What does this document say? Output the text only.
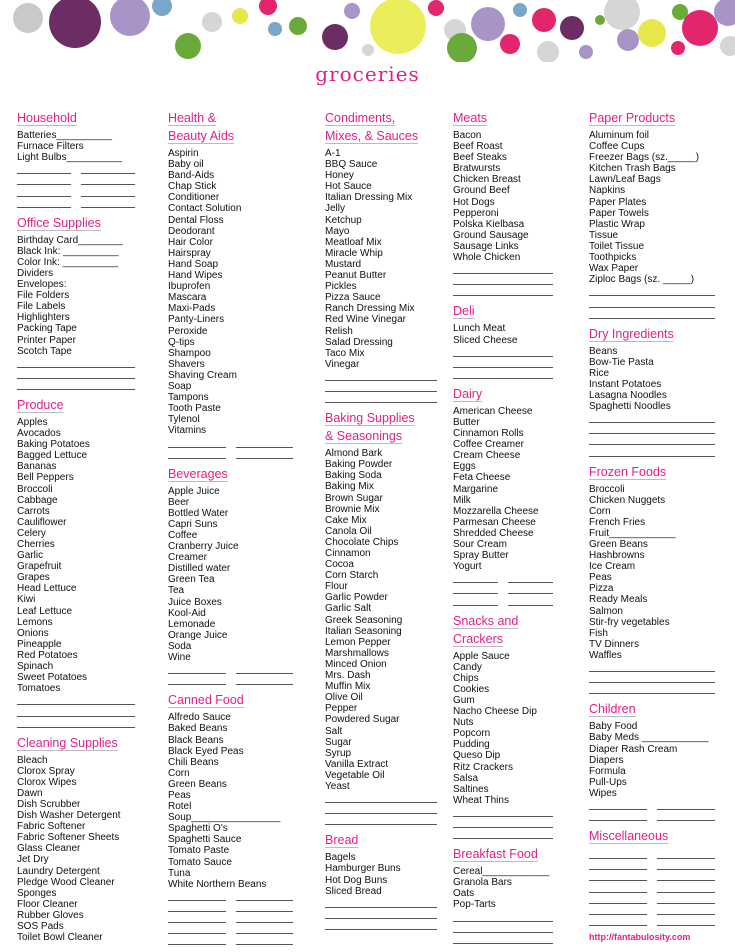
groceries
Household
Batteries__________
Furnace Filters
Light Bulbs__________
Office Supplies
Birthday Card________
Black Ink: __________
Color Ink: __________
Dividers
Envelopes:
File Folders
File Labels
Highlighters
Packing Tape
Printer Paper
Scotch Tape
Produce
Apples
Avocados
Baking Potatoes
Bagged Lettuce
Bananas
Bell Peppers
Broccoli
Cabbage
Carrots
Cauliflower
Celery
Cherries
Garlic
Grapefruit
Grapes
Head Lettuce
Kiwi
Leaf Lettuce
Lemons
Onions
Pineapple
Red Potatoes
Spinach
Sweet Potatoes
Tomatoes
Cleaning Supplies
Bleach
Clorox Spray
Clorox Wipes
Dawn
Dish Scrubber
Dish Washer Detergent
Fabric Softener
Fabric Softener Sheets
Glass Cleaner
Jet Dry
Laundry Detergent
Pledge Wood Cleaner
Sponges
Floor Cleaner
Rubber Gloves
SOS Pads
Toilet Bowl Cleaner
Health &
Beauty Aids
Aspirin
Baby oil
Band-Aids
Chap Stick
Conditioner
Contact Solution
Dental Floss
Deodorant
Hair Color
Hairspray
Hand Soap
Hand Wipes
Ibuprofen
Mascara
Maxi-Pads
Panty-Liners
Peroxide
Q-tips
Shampoo
Shavers
Shaving Cream
Soap
Tampons
Tooth Paste
Tylenol
Vitamins
Beverages
Apple Juice
Beer
Bottled Water
Capri Suns
Coffee
Cranberry Juice
Creamer
Distilled water
Green Tea
Tea
Juice Boxes
Kool-Aid
Lemonade
Orange Juice
Soda
Wine
Canned Food
Alfredo Sauce
Baked Beans
Black Beans
Black Eyed Peas
Chili Beans
Corn
Green Beans
Peas
Rotel
Soup________________
Spaghetti O's
Spaghetti Sauce
Tomato Paste
Tomato Sauce
Tuna
White Northern Beans
Condiments,
Mixes, & Sauces
A-1
BBQ Sauce
Honey
Hot Sauce
Italian Dressing Mix
Jelly
Ketchup
Mayo
Meatloaf Mix
Miracle Whip
Mustard
Peanut Butter
Pickles
Pizza Sauce
Ranch Dressing Mix
Red Wine Vinegar
Relish
Salad Dressing
Taco Mix
Vinegar
Baking Supplies
& Seasonings
Almond Bark
Baking Powder
Baking Soda
Baking Mix
Brown Sugar
Brownie Mix
Cake Mix
Canola Oil
Chocolate Chips
Cinnamon
Cocoa
Corn Starch
Flour
Garlic Powder
Garlic Salt
Greek Seasoning
Italian Seasoning
Lemon Pepper
Marshmallows
Minced Onion
Mrs. Dash
Muffin Mix
Olive Oil
Pepper
Powdered Sugar
Salt
Sugar
Syrup
Vanilla Extract
Vegetable Oil
Yeast
Bread
Bagels
Hamburger Buns
Hot Dog Buns
Sliced Bread
Meats
Bacon
Beef Roast
Beef Steaks
Bratwursts
Chicken Breast
Ground Beef
Hot Dogs
Pepperoni
Polska Kielbasa
Ground Sausage
Sausage Links
Whole Chicken
Deli
Lunch Meat
Sliced Cheese
Dairy
American Cheese
Butter
Cinnamon Rolls
Coffee Creamer
Cream Cheese
Eggs
Feta Cheese
Margarine
Milk
Mozzarella Cheese
Parmesan Cheese
Shredded Cheese
Sour Cream
Spray Butter
Yogurt
Snacks and
Crackers
Apple Sauce
Candy
Chips
Cookies
Gum
Nacho Cheese Dip
Nuts
Popcorn
Pudding
Queso Dip
Ritz Crackers
Salsa
Saltines
Wheat Thins
Breakfast Food
Cereal____________
Granola Bars
Oats
Pop-Tarts
Paper Products
Aluminum foil
Coffee Cups
Freezer Bags (sz._____)
Kitchen Trash Bags
Lawn/Leaf Bags
Napkins
Paper Plates
Paper Towels
Plastic Wrap
Tissue
Toilet Tissue
Toothpicks
Wax Paper
Ziploc Bags (sz. _____)
Dry Ingredients
Beans
Bow-Tie Pasta
Rice
Instant Potatoes
Lasagna Noodles
Spaghetti Noodles
Frozen Foods
Broccoli
Chicken Nuggets
Corn
French Fries
Fruit____________
Green Beans
Hashbrowns
Ice Cream
Peas
Pizza
Ready Meals
Salmon
Stir-fry vegetables
Fish
TV Dinners
Waffles
Children
Baby Food
Baby Meds ____________
Diaper Rash Cream
Diapers
Formula
Pull-Ups
Wipes
Miscellaneous
http://fantabulosity.com
